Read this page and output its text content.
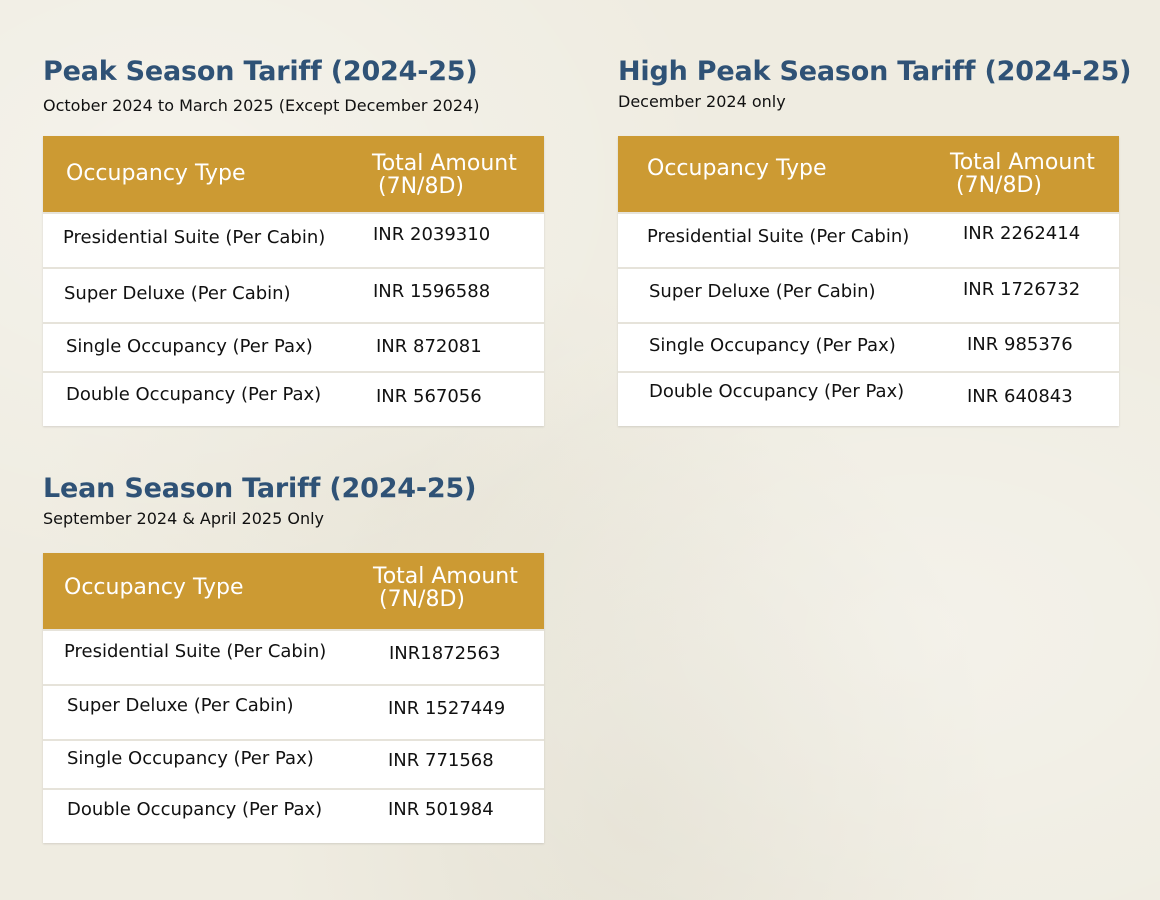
Peak Season Tariff (2024-25)

October 2024 to March 2025 (Except December 2024)

Occupancy Type	Total Amount
(7N/8D)
Presidential Suite (Per Cabin)	INR 2039310
Super Deluxe (Per Cabin)	INR 1596588
Single Occupancy (Per Pax)	INR 872081
Double Occupancy (Per Pax)	INR 567056
High Peak Season Tariff (2024-25)

December 2024 only

Occupancy Type	Total Amount
(7N/8D)
Presidential Suite (Per Cabin)	INR 2262414
Super Deluxe (Per Cabin)	INR 1726732
Single Occupancy (Per Pax)	INR 985376
Double Occupancy (Per Pax)	INR 640843
Lean Season Tariff (2024-25)

September 2024 & April 2025 Only

Occupancy Type	Total Amount
(7N/8D)
Presidential Suite (Per Cabin)	INR1872563
Super Deluxe (Per Cabin)	INR 1527449
Single Occupancy (Per Pax)	INR 771568
Double Occupancy (Per Pax)	INR 501984
